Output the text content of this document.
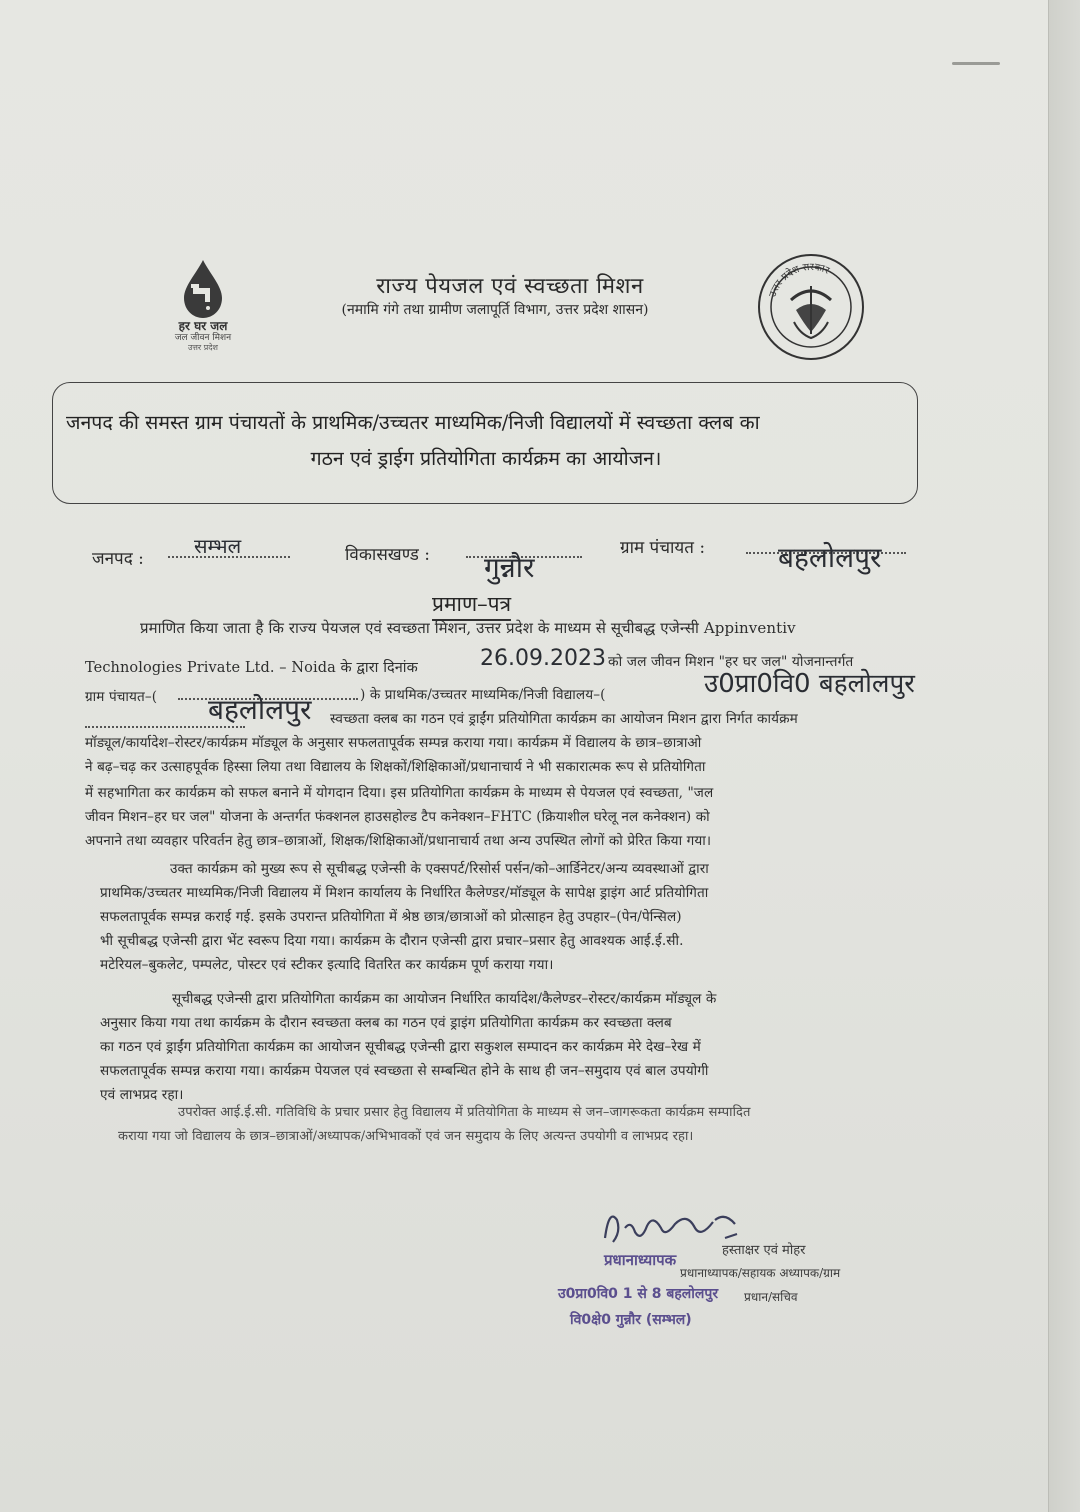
हर घर जल
जल जीवन मिशन
उत्तर प्रदेश
उत्तर प्रदेश सरकार
राज्य पेयजल एवं स्वच्छता मिशन
(नमामि गंगे तथा ग्रामीण जलापूर्ति विभाग, उत्तर प्रदेश शासन)
जनपद की समस्त ग्राम पंचायतों के प्राथमिक/उच्चतर माध्यमिक/निजी विद्यालयों में स्वच्छता क्लब का
गठन एवं ड्राईग प्रतियोगिता कार्यक्रम का आयोजन।
जनपद :
सम्भल	विकासखण्ड : गुन्नौर
ग्राम पंचायत :	बहलोलपुर
प्रमाण–पत्र
प्रमाणित किया जाता है कि राज्य पेयजल एवं स्वच्छता मिशन, उत्तर प्रदेश के माध्यम से सूचीबद्ध एजेन्सी Appinventiv
Technologies Private Ltd. – Noida के द्वारा दिनांक	26.09.2023 को जल जीवन मिशन "हर घर जल" योजनान्तर्गत
ग्राम पंचायत–(	) के प्राथमिक/उच्चतर माध्यमिक/निजी विद्यालय–(	उ0प्रा0वि0 बहलोलपुर
बहलोलपुर स्वच्छता क्लब का गठन एवं ड्राईंग प्रतियोगिता कार्यक्रम का आयोजन मिशन द्वारा निर्गत कार्यक्रम
मॉड्यूल/कार्यादेश–रोस्टर/कार्यक्रम मॉड्यूल के अनुसार सफलतापूर्वक सम्पन्न कराया गया। कार्यक्रम में विद्यालय के छात्र–छात्राओ
ने बढ़–चढ़ कर उत्साहपूर्वक हिस्सा लिया तथा विद्यालय के शिक्षकों/शिक्षिकाओं/प्रधानाचार्य ने भी सकारात्मक रूप से प्रतियोगिता
में सहभागिता कर कार्यक्रम को सफल बनाने में योगदान दिया। इस प्रतियोगिता कार्यक्रम के माध्यम से पेयजल एवं स्वच्छता, "जल
जीवन मिशन–हर घर जल" योजना के अन्तर्गत फंक्शनल हाउसहोल्ड टैप कनेक्शन–FHTC (क्रियाशील घरेलू नल कनेक्शन) को
अपनाने तथा व्यवहार परिवर्तन हेतु छात्र–छात्राओं, शिक्षक/शिक्षिकाओं/प्रधानाचार्य तथा अन्य उपस्थित लोगों को प्रेरित किया गया।
उक्त कार्यक्रम को मुख्य रूप से सूचीबद्ध एजेन्सी के एक्सपर्ट/रिसोर्स पर्सन/को–आर्डिनेटर/अन्य व्यवस्थाओं द्वारा
प्राथमिक/उच्चतर माध्यमिक/निजी विद्यालय में मिशन कार्यालय के निर्धारित कैलेण्डर/मॉड्यूल के सापेक्ष ड्राइंग आर्ट प्रतियोगिता
सफलतापूर्वक सम्पन्न कराई गई. इसके उपरान्त प्रतियोगिता में श्रेष्ठ छात्र/छात्राओं को प्रोत्साहन हेतु उपहार–(पेन/पेन्सिल)
भी सूचीबद्ध एजेन्सी द्वारा भेंट स्वरूप दिया गया। कार्यक्रम के दौरान एजेन्सी द्वारा प्रचार–प्रसार हेतु आवश्यक आई.ई.सी.
मटेरियल–बुकलेट, पम्पलेट, पोस्टर एवं स्टीकर इत्यादि वितरित कर कार्यक्रम पूर्ण कराया गया।
सूचीबद्ध एजेन्सी द्वारा प्रतियोगिता कार्यक्रम का आयोजन निर्धारित कार्यादेश/कैलेण्डर–रोस्टर/कार्यक्रम मॉड्यूल के
अनुसार किया गया तथा कार्यक्रम के दौरान स्वच्छता क्लब का गठन एवं ड्राइंग प्रतियोगिता कार्यक्रम कर स्वच्छता क्लब
का गठन एवं ड्राईंग प्रतियोगिता कार्यक्रम का आयोजन सूचीबद्ध एजेन्सी द्वारा सकुशल सम्पादन कर कार्यक्रम मेरे देख–रेख में
सफलतापूर्वक सम्पन्न कराया गया। कार्यक्रम पेयजल एवं स्वच्छता से सम्बन्धित होने के साथ ही जन–समुदाय एवं बाल उपयोगी
एवं लाभप्रद रहा।
उपरोक्त आई.ई.सी. गतिविधि के प्रचार प्रसार हेतु विद्यालय में प्रतियोगिता के माध्यम से जन–जागरूकता कार्यक्रम सम्पादित
कराया गया जो विद्यालय के छात्र–छात्राओं/अध्यापक/अभिभावकों एवं जन समुदाय के लिए अत्यन्त उपयोगी व लाभप्रद रहा।
हस्ताक्षर एवं मोहर
प्रधानाध्यापक/सहायक अध्यापक/ग्राम
प्रधान/सचिव
प्रधानाध्यापक
उ0प्रा0वि0 1 से 8 बहलोलपुर
वि0क्षे0 गुन्नौर (सम्भल)
